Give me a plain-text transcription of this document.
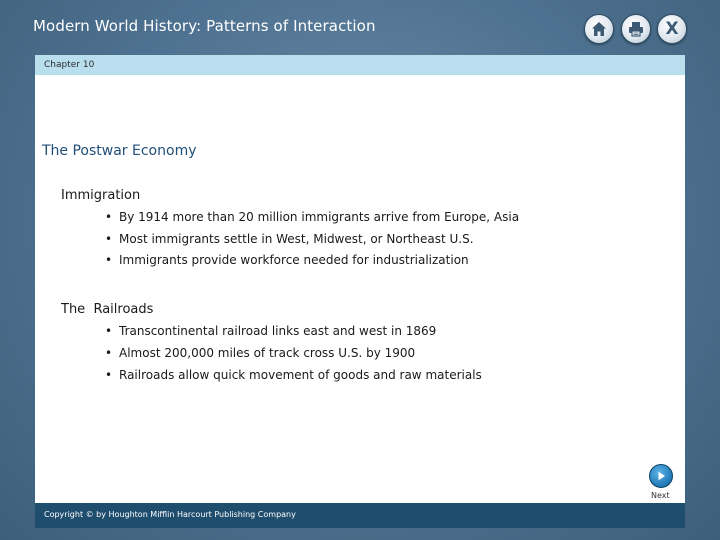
Modern World History: Patterns of Interaction	X
Chapter 10
The Postwar Economy
Immigration
• By 1914 more than 20 million immigrants arrive from Europe, Asia
• Most immigrants settle in West, Midwest, or Northeast U.S.
• Immigrants provide workforce needed for industrialization
The  Railroads
• Transcontinental railroad links east and west in 1869
• Almost 200,000 miles of track cross U.S. by 1900
• Railroads allow quick movement of goods and raw materials
Next
Copyright © by Houghton Mifflin Harcourt Publishing Company
